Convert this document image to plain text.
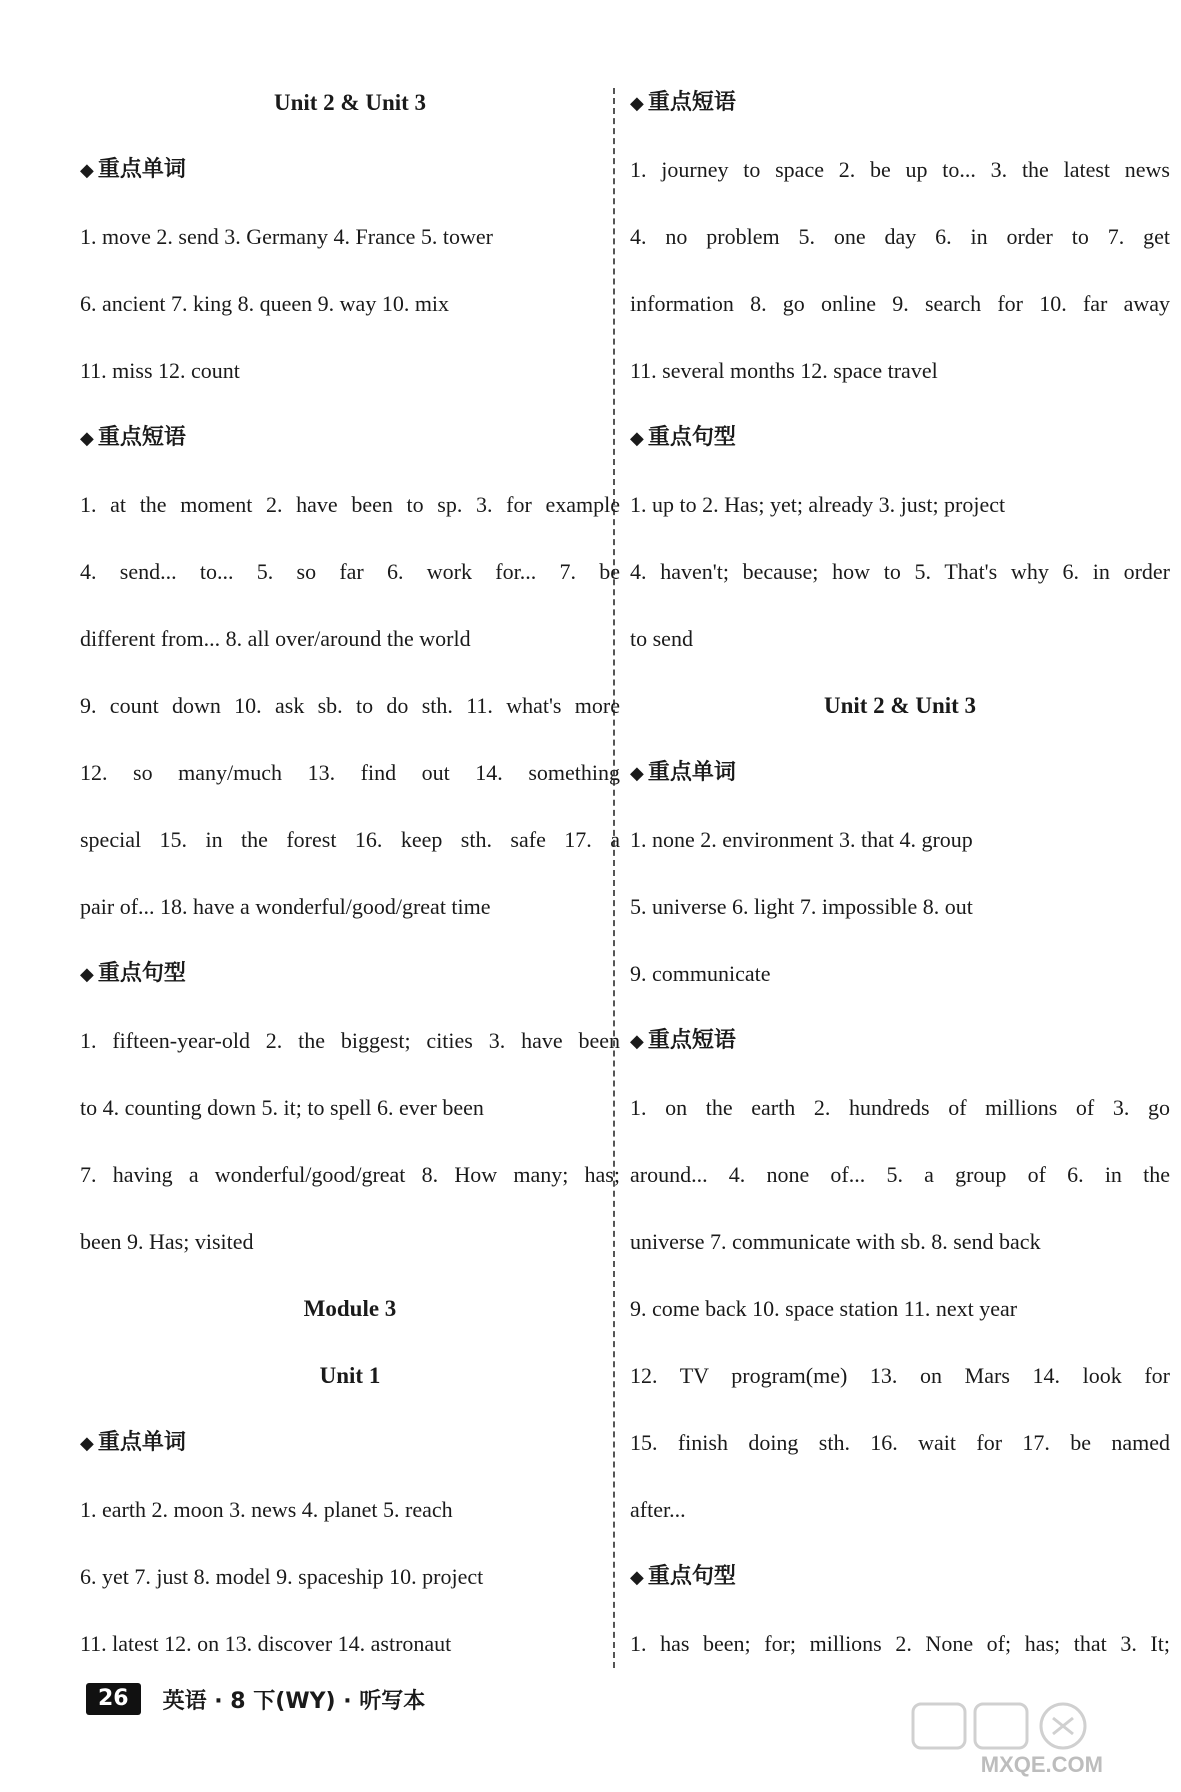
Unit 2 & Unit 3
◆ 重点单词
1. move 2. send 3. Germany 4. France 5. tower
6. ancient 7. king 8. queen 9. way 10. mix
11. miss 12. count
◆ 重点短语
1. at the moment 2. have been to sp. 3. for example
4. send... to... 5. so far 6. work for... 7. be
different from... 8. all over/around the world
9. count down 10. ask sb. to do sth. 11. what's more
12. so many/much 13. find out 14. something
special 15. in the forest 16. keep sth. safe 17. a
pair of... 18. have a wonderful/good/great time
◆ 重点句型
1. fifteen-year-old 2. the biggest; cities 3. have been
to 4. counting down 5. it; to spell 6. ever been
7. having a wonderful/good/great 8. How many; has;
been 9. Has; visited
Module 3
Unit 1
◆ 重点单词
1. earth 2. moon 3. news 4. planet 5. reach
6. yet 7. just 8. model 9. spaceship 10. project
11. latest 12. on 13. discover 14. astronaut
◆ 重点短语
1. journey to space 2. be up to... 3. the latest news
4. no problem 5. one day 6. in order to 7. get
information 8. go online 9. search for 10. far away
11. several months 12. space travel
◆ 重点句型
1. up to 2. Has; yet; already 3. just; project
4. haven't; because; how to 5. That's why 6. in order
to send
Unit 2 & Unit 3
◆ 重点单词
1. none 2. environment 3. that 4. group
5. universe 6. light 7. impossible 8. out
9. communicate
◆ 重点短语
1. on the earth 2. hundreds of millions of 3. go
around... 4. none of... 5. a group of 6. in the
universe 7. communicate with sb. 8. send back
9. come back 10. space station 11. next year
12. TV program(me) 13. on Mars 14. look for
15. finish doing sth. 16. wait for 17. be named
after...
◆ 重点句型
1. has been; for; millions 2. None of; has; that 3. It;
26	英语 · 8 下(WY) · 听写本
MXQE.COM
